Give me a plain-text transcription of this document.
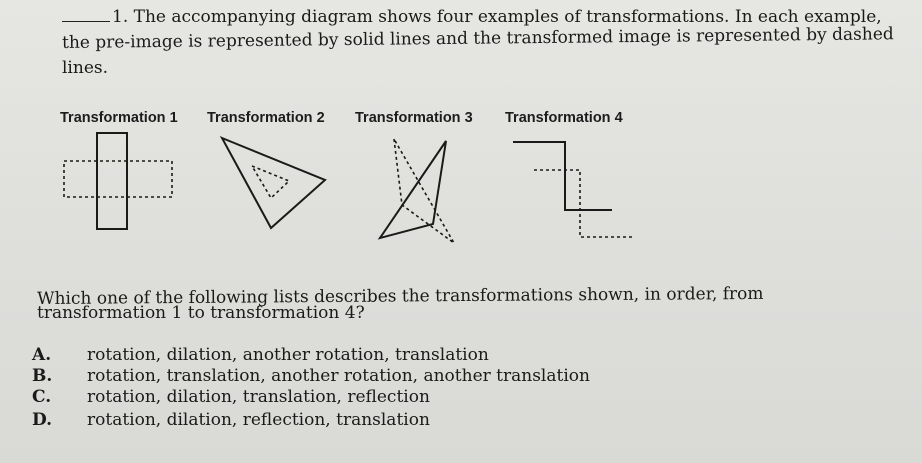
1. The accompanying diagram shows four examples of transformations. In each example,
the pre-image is represented by solid lines and the transformed image is represented by dashed
lines.
Transformation 1 Transformation 2 Transformation 3 Transformation 4
Which one of the following lists describes the transformations shown, in order, from
transformation 1 to transformation 4?
A. rotation, dilation, another rotation, translation
B. rotation, translation, another rotation, another translation
C. rotation, dilation, translation, reflection
D. rotation, dilation, reflection, translation
